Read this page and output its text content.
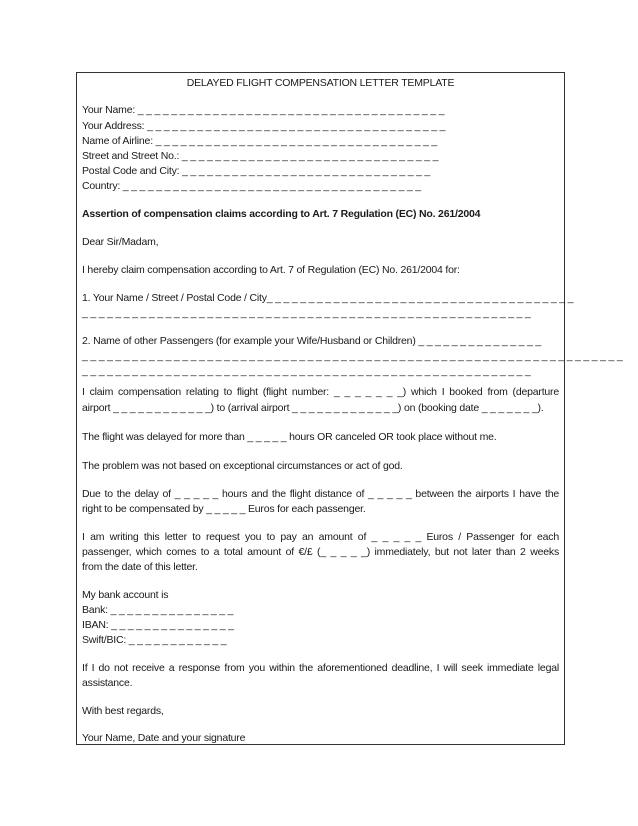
DELAYED FLIGHT COMPENSATION LETTER TEMPLATE
Your Name: _ _ _ _ _ _ _ _ _ _ _ _ _ _ _ _ _ _ _ _ _ _ _ _ _ _ _ _ _ _ _ _ _ _ _ _ _
Your Address: _ _ _ _ _ _ _ _ _ _ _ _ _ _ _ _ _ _ _ _ _ _ _ _ _ _ _ _ _ _ _ _ _ _ _ _
Name of Airline: _ _ _ _ _ _ _ _ _ _ _ _ _ _ _ _ _ _ _ _ _ _ _ _ _ _ _ _ _ _ _ _ _ _
Street and Street No.: _ _ _ _ _ _ _ _ _ _ _ _ _ _ _ _ _ _ _ _ _ _ _ _ _ _ _ _ _ _ _
Postal Code and City: _ _ _ _ _ _ _ _ _ _ _ _ _ _ _ _ _ _ _ _ _ _ _ _ _ _ _ _ _ _
Country: _ _ _ _ _ _ _ _ _ _ _ _ _ _ _ _ _ _ _ _ _ _ _ _ _ _ _ _ _ _ _ _ _ _ _ _
Assertion of compensation claims according to Art. 7 Regulation (EC) No. 261/2004
Dear Sir/Madam,
I hereby claim compensation according to Art. 7 of Regulation (EC) No. 261/2004 for:
1. Your Name / Street / Postal Code / City_ _ _ _ _ _ _ _ _ _ _ _ _ _ _ _ _ _ _ _ _ _ _ _ _ _ _ _ _ _ _ _ _ _ _ _ _
_ _ _ _ _ _ _ _ _ _ _ _ _ _ _ _ _ _ _ _ _ _ _ _ _ _ _ _ _ _ _ _ _ _ _ _ _ _ _ _ _ _ _ _ _ _ _ _ _ _ _ _ _ _
2. Name of other Passengers (for example your Wife/Husband or Children) _ _ _ _ _ _ _ _ _ _ _ _ _ _ _
_ _ _ _ _ _ _ _ _ _ _ _ _ _ _ _ _ _ _ _ _ _ _ _ _ _ _ _ _ _ _ _ _ _ _ _ _ _ _ _ _ _ _ _ _ _ _ _ _ _ _ _ _ _ _ _ _ _ _ _ _ _ _ _ _
_ _ _ _ _ _ _ _ _ _ _ _ _ _ _ _ _ _ _ _ _ _ _ _ _ _ _ _ _ _ _ _ _ _ _ _ _ _ _ _ _ _ _ _ _ _ _ _ _ _ _ _ _ _
I claim compensation relating to flight (flight number: _ _ _ _ _ _ _) which I booked from (departure
airport _ _ _ _ _ _ _ _ _ _ _ _) to (arrival airport _ _ _ _ _ _ _ _ _ _ _ _ _) on (booking date _ _ _ _ _ _ _).
The flight was delayed for more than _ _ _ _ _ hours OR canceled OR took place without me.
The problem was not based on exceptional circumstances or act of god.
Due to the delay of _ _ _ _ _ hours and the flight distance of _ _ _ _ _ between the airports I have the
right to be compensated by _ _ _ _ _ Euros for each passenger.
I am writing this letter to request you to pay an amount of _ _ _ _ _ Euros / Passenger for each
passenger, which comes to a total amount of €/£ (_ _ _ _ _) immediately, but not later than 2 weeks
from the date of this letter.
My bank account is
Bank: _ _ _ _ _ _ _ _ _ _ _ _ _ _ _
IBAN: _ _ _ _ _ _ _ _ _ _ _ _ _ _ _
Swift/BIC: _ _ _ _ _ _ _ _ _ _ _ _
If I do not receive a response from you within the aforementioned deadline, I will seek immediate legal
assistance.
With best regards,
Your Name, Date and your signature
